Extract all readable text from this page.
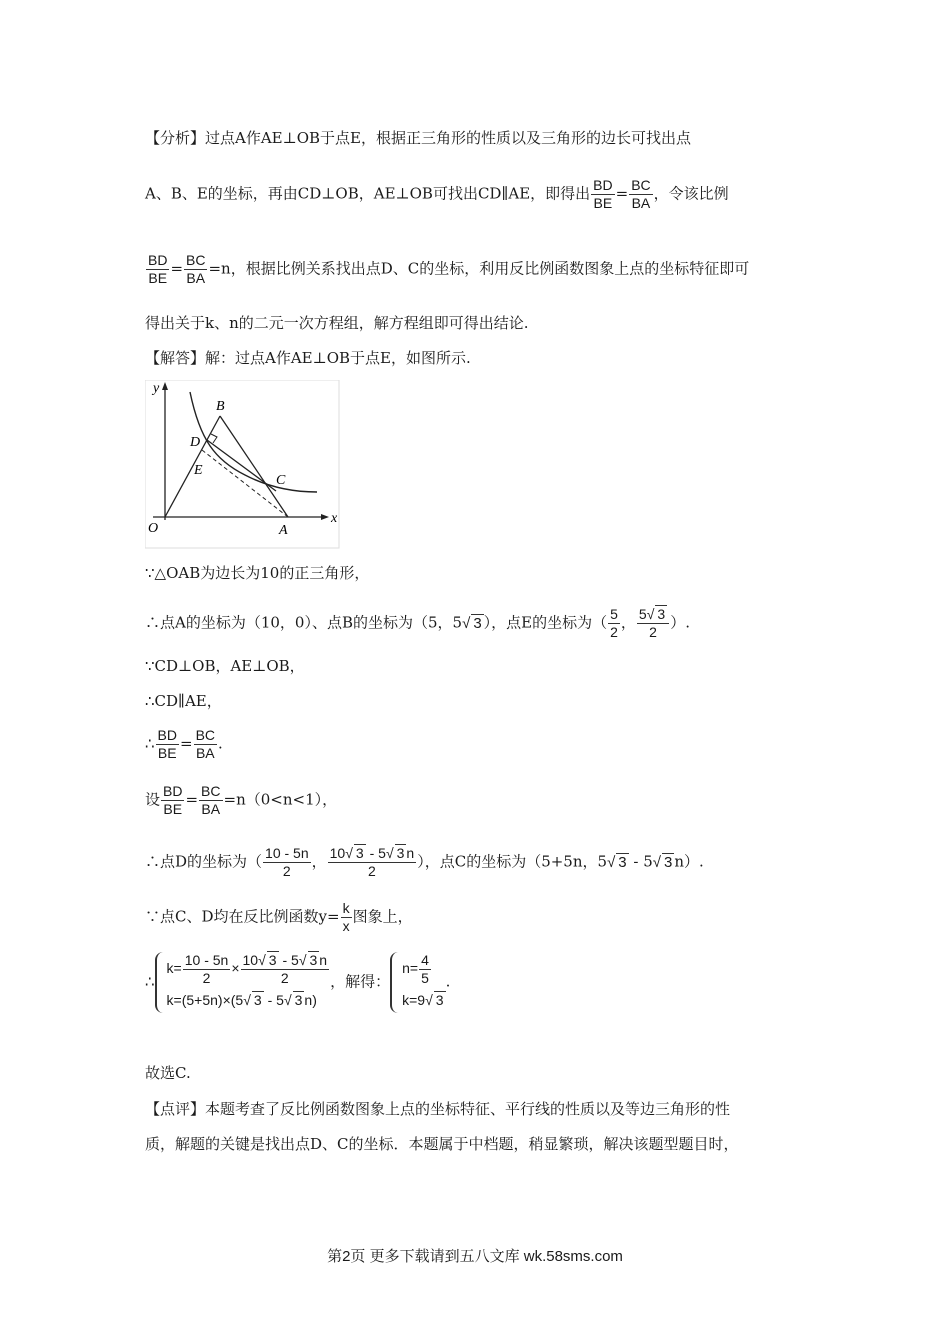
【分析】过点A作AE⊥OB于点E，根据正三角形的性质以及三角形的边长可找出点
A、B、E的坐标，再由CD⊥OB，AE⊥OB可找出CD∥AE，即得出 $\frac{BD}{BE} = \frac{BC}{BA}$ ，令该比例
$\frac{BD}{BE} = \frac{BC}{BA} =n$，根据比例关系找出点D、C的坐标，利用反比例函数图象上点的坐标特征即可
得出关于k、n的二元一次方程组，解方程组即可得出结论.
【解答】解：过点A作AE⊥OB于点E，如图所示.
y
x
O	A
B
C
D
E
∵△OAB为边长为10的正三角形，
∴点A的坐标为（10，0）、点B的坐标为（5，5√ 3 ），点E的坐标为（ $\frac{5}{2}$ ， $\frac{5√ 3}{2}$ ）.
∵CD⊥OB，AE⊥OB，
∴CD∥AE，
∴ $\frac{BD}{BE} = \frac{BC}{BA}$ .
设 $\frac{BD}{BE} = \frac{BC}{BA} =n(0<n<1)$，
∴点D的坐标为（ $\frac{10 - 5n}{2}$ ， $\frac{10√ 3 - 5√ 3 n}{2}$ ），点C的坐标为（5+5n，5√ 3 - 5√ 3 n）.
∵点C、D均在反比例函数$y= \frac{k}{x}$ 图象上，
∴
$k= \frac{10 - 5n}{2} \times \frac{10√ 3 - 5√ 3 n}{2}$
k=(5+5n)×(5√ 3 - 5√ 3 n)
，解得：
$n= \frac{4}{5}$
k=9√ 3
.
故选C.
【点评】本题考查了反比例函数图象上点的坐标特征、平行线的性质以及等边三角形的性
质，解题的关键是找出点D、C的坐标．本题属于中档题，稍显繁琐，解决该题型题目时，
第2页 更多下载请到五八文库 wk.58sms.com
